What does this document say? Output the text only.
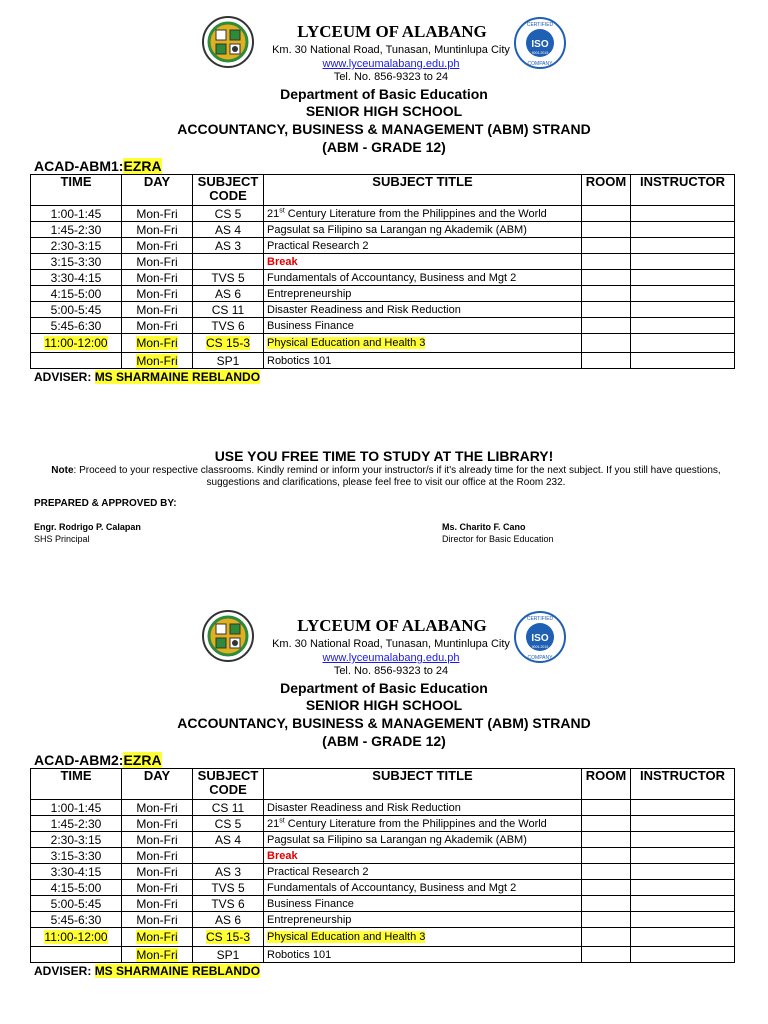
LYCEUM OF ALABANG
Km. 30 National Road, Tunasan, Muntinlupa City
www.lyceumalabang.edu.ph
Tel. No. 856-9323 to 24
ISO
CERTIFIED
COMPANY
9001:2015
Department of Basic Education
SENIOR HIGH SCHOOL
ACCOUNTANCY, BUSINESS & MANAGEMENT (ABM) STRAND
(ABM - GRADE 12)
ACAD-ABM1:EZRA
TIME	DAY	SUBJECT CODE	SUBJECT TITLE	ROOM	INSTRUCTOR
1:00-1:45	Mon-Fri	CS 5	21st Century Literature from the Philippines and the World		
1:45-2:30	Mon-Fri	AS 4	Pagsulat sa Filipino sa Larangan ng Akademik (ABM)		
2:30-3:15	Mon-Fri	AS 3	Practical Research 2		
3:15-3:30	Mon-Fri		Break		
3:30-4:15	Mon-Fri	TVS 5	Fundamentals of Accountancy, Business and Mgt 2		
4:15-5:00	Mon-Fri	AS 6	Entrepreneurship		
5:00-5:45	Mon-Fri	CS 11	Disaster Readiness and Risk Reduction		
5:45-6:30	Mon-Fri	TVS 6	Business Finance		
11:00-12:00	Mon-Fri	CS 15-3	Physical Education and Health 3		
	Mon-Fri	SP1	Robotics 101		
ADVISER: MS SHARMAINE REBLANDO
USE YOU FREE TIME TO STUDY AT THE LIBRARY!
Note: Proceed to your respective classrooms. Kindly remind or inform your instructor/s if it's already time for the next subject. If you still have questions, suggestions and clarifications, please feel free to visit our office at the Room 232.
PREPARED & APPROVED BY:
Engr. Rodrigo P. Calapan
SHS Principal
Ms. Charito F. Cano
Director for Basic Education
LYCEUM OF ALABANG
Km. 30 National Road, Tunasan, Muntinlupa City
www.lyceumalabang.edu.ph
Tel. No. 856-9323 to 24
ISO
CERTIFIED
COMPANY
9001:2015
Department of Basic Education
SENIOR HIGH SCHOOL
ACCOUNTANCY, BUSINESS & MANAGEMENT (ABM) STRAND
(ABM - GRADE 12)
ACAD-ABM2:EZRA
TIME	DAY	SUBJECT CODE	SUBJECT TITLE	ROOM	INSTRUCTOR
1:00-1:45	Mon-Fri	CS 11	Disaster Readiness and Risk Reduction		
1:45-2:30	Mon-Fri	CS 5	21st Century Literature from the Philippines and the World		
2:30-3:15	Mon-Fri	AS 4	Pagsulat sa Filipino sa Larangan ng Akademik (ABM)		
3:15-3:30	Mon-Fri		Break		
3:30-4:15	Mon-Fri	AS 3	Practical Research 2		
4:15-5:00	Mon-Fri	TVS 5	Fundamentals of Accountancy, Business and Mgt 2		
5:00-5:45	Mon-Fri	TVS 6	Business Finance		
5:45-6:30	Mon-Fri	AS 6	Entrepreneurship		
11:00-12:00	Mon-Fri	CS 15-3	Physical Education and Health 3		
	Mon-Fri	SP1	Robotics 101		
ADVISER: MS SHARMAINE REBLANDO
